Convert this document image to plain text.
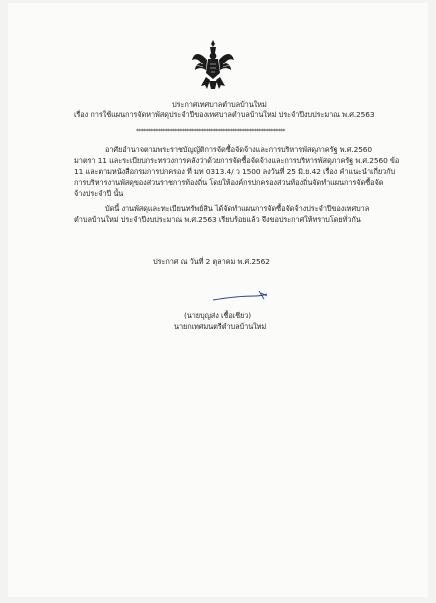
ประกาศเทศบาลตำบลบ้านใหม่
เรื่อง การใช้แผนการจัดหาพัสดุประจำปีของเทศบาลตำบลบ้านใหม่ ประจำปีงบประมาณ พ.ศ.2563
**************************************************************
อาศัยอำนาจตามพระราชบัญญัติการจัดซื้อจัดจ้างและการบริหารพัสดุภาครัฐ พ.ศ.2560
มาตรา 11 และระเบียบกระทรวงการคลังว่าด้วยการจัดซื้อจัดจ้างและการบริหารพัสดุภาครัฐ พ.ศ.2560 ข้อ
11 และตามหนังสือกรมการปกครอง ที่ มท 0313.4/ ว 1500 ลงวันที่ 25 มิ.ย.42 เรื่อง คำแนะนำเกี่ยวกับ
การบริหารงานพัสดุของส่วนราชการท้องถิ่น โดยให้องค์กรปกครองส่วนท้องถิ่นจัดทำแผนการจัดซื้อจัด
จ้างประจำปี นั้น
บัดนี้ งานพัสดุและทะเบียนทรัพย์สิน ได้จัดทำแผนการจัดซื้อจัดจ้างประจำปีของเทศบาล
ตำบลบ้านใหม่ ประจำปีงบประมาณ พ.ศ.2563 เรียบร้อยแล้ว จึงขอประกาศให้ทราบโดยทั่วกัน
ประกาศ ณ วันที่ 2 ตุลาคม พ.ศ.2562
(นายบุญส่ง เชื้อเชียว)
นายกเทศมนตรีตำบลบ้านใหม่
